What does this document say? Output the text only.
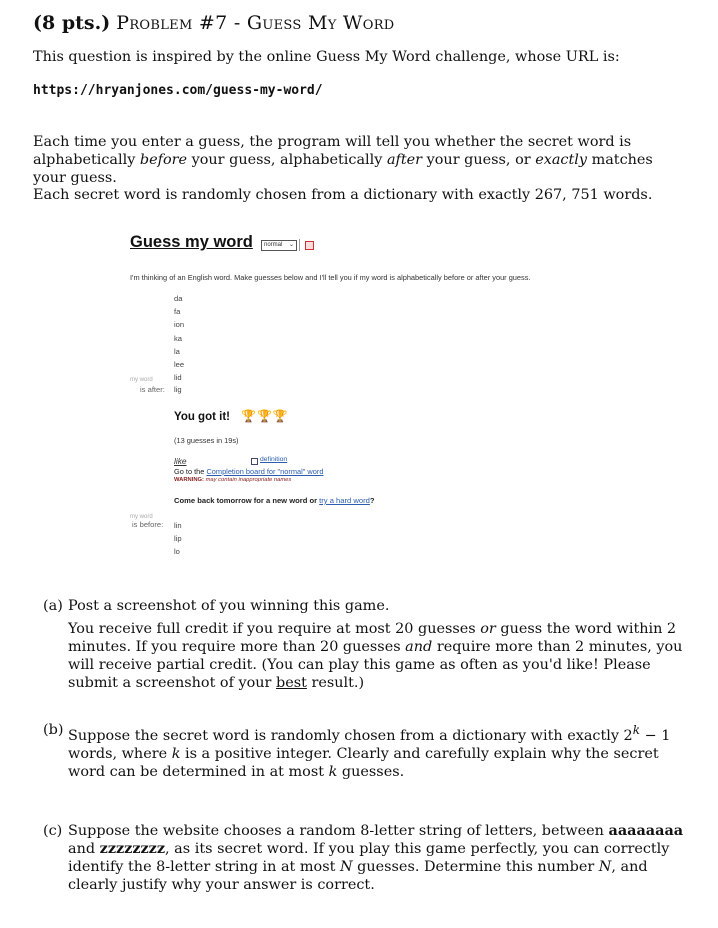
(8 pts.) Problem #7 - Guess My Word
This question is inspired by the online Guess My Word challenge, whose URL is:
https://hryanjones.com/guess-my-word/
Each time you enter a guess, the program will tell you whether the secret word is alphabetically before your guess, alphabetically after your guess, or exactly matches your guess.
Each secret word is randomly chosen from a dictionary with exactly 267, 751 words.
Guess my word	normal ⌄
I'm thinking of an English word. Make guesses below and I'll tell you if my word is alphabetically before or after your guess.
da
fa
ion
ka
la
lee
lid
my word
is after: lig
You got it! 🏆🏆🏆
(13 guesses in 19s)
like	definition
Go to the Completion board for "normal" word
WARNING: may contain inappropriate names
Come back tomorrow for a new word or try a hard word?
my word
is before: lin
lip
lo
(a) Post a screenshot of you winning this game.
You receive full credit if you require at most 20 guesses or guess the word within 2 minutes. If you require more than 20 guesses and require more than 2 minutes, you will receive partial credit. (You can play this game as often as you'd like! Please submit a screenshot of your best result.)
(b) Suppose the secret word is randomly chosen from a dictionary with exactly $2^k - 1$ words, where k is a positive integer. Clearly and carefully explain why the secret word can be determined in at most k guesses.
(c) Suppose the website chooses a random 8-letter string of letters, between aaaaaaaa and zzzzzzzz, as its secret word. If you play this game perfectly, you can correctly identify the 8-letter string in at most N guesses. Determine this number N, and clearly justify why your answer is correct.
